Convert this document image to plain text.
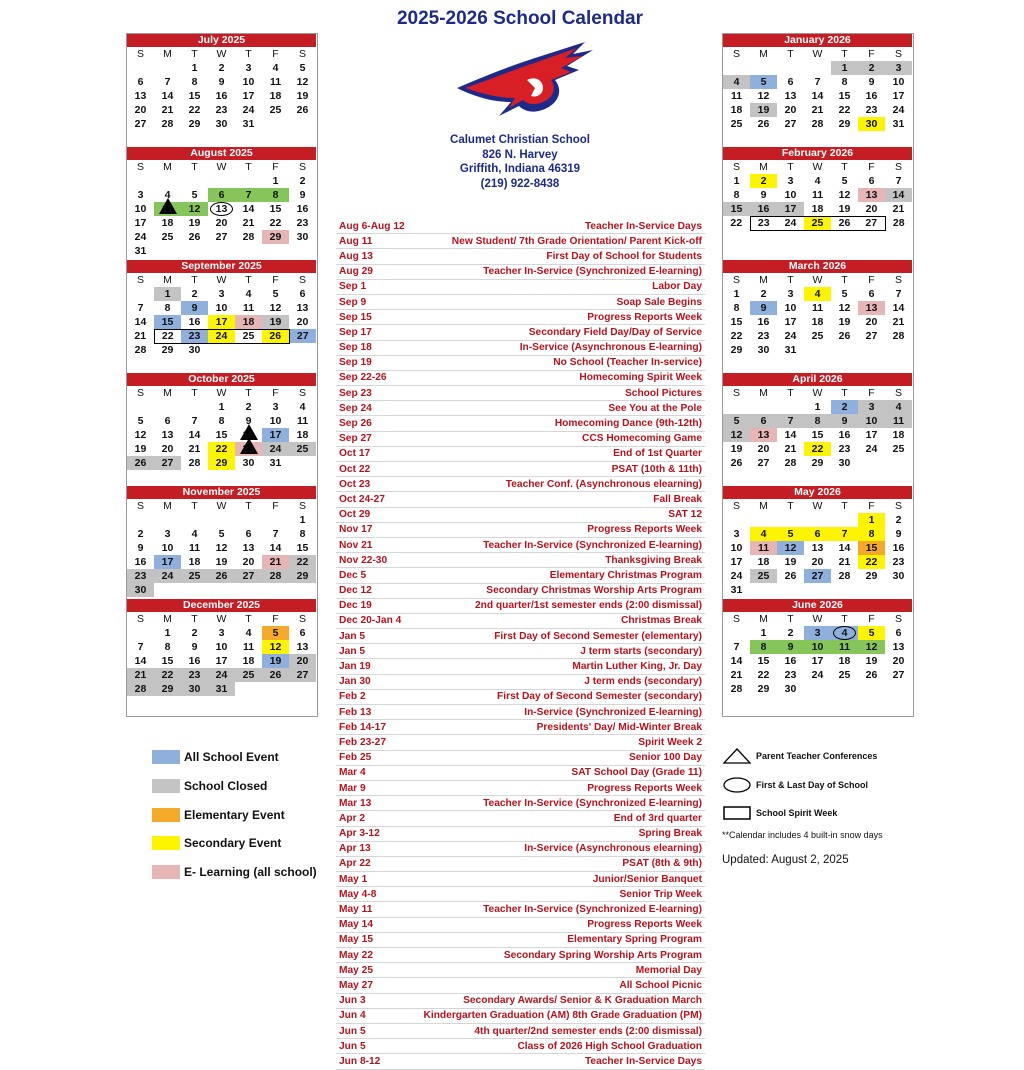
2025-2026 School Calendar
Calumet Christian School
826 N. Harvey
Griffith, Indiana 46319
(219) 922-8438
July 2025
S	M	T	W	T	F	S
		1	2	3	4	5
6	7	8	9	10	11	12
13	14	15	16	17	18	19
20	21	22	23	24	25	26
27	28	29	30	31		

August 2025
S	M	T	W	T	F	S
					1	2
3	4	5	6	7	8	9
10	11	12	13	14	15	16
17	18	19	20	21	22	23
24	25	26	27	28	29	30
31						
September 2025
S	M	T	W	T	F	S
	1	2	3	4	5	6
7	8	9	10	11	12	13
14	15	16	17	18	19	20
21	22	23	24	25	26	27
28	29	30				

October 2025
S	M	T	W	T	F	S
			1	2	3	4
5	6	7	8	9	10	11
12	13	14	15	16	17	18
19	20	21	22	23	24	25
26	27	28	29	30	31	

November 2025
S	M	T	W	T	F	S
						1
2	3	4	5	6	7	8
9	10	11	12	13	14	15
16	17	18	19	20	21	22
23	24	25	26	27	28	29
30						
December 2025
S	M	T	W	T	F	S
	1	2	3	4	5	6
7	8	9	10	11	12	13
14	15	16	17	18	19	20
21	22	23	24	25	26	27
28	29	30	31			

January 2026
S	M	T	W	T	F	S
				1	2	3
4	5	6	7	8	9	10
11	12	13	14	15	16	17
18	19	20	21	22	23	24
25	26	27	28	29	30	31

February 2026
S	M	T	W	T	F	S
1	2	3	4	5	6	7
8	9	10	11	12	13	14
15	16	17	18	19	20	21
22	23	24	25	26	27	28

March 2026
S	M	T	W	T	F	S
1	2	3	4	5	6	7
8	9	10	11	12	13	14
15	16	17	18	19	20	21
22	23	24	25	26	27	28
29	30	31				

April 2026
S	M	T	W	T	F	S
			1	2	3	4
5	6	7	8	9	10	11
12	13	14	15	16	17	18
19	20	21	22	23	24	25
26	27	28	29	30		

May 2026
S	M	T	W	T	F	S
					1	2
3	4	5	6	7	8	9
10	11	12	13	14	15	16
17	18	19	20	21	22	23
24	25	26	27	28	29	30
31						
June 2026
S	M	T	W	T	F	S
	1	2	3	4	5	6
7	8	9	10	11	12	13
14	15	16	17	18	19	20
21	22	23	24	25	26	27
28	29	30				

Aug 6-Aug 12	Teacher In-Service Days
Aug 11	New Student/ 7th Grade Orientation/ Parent Kick-off
Aug 13	First Day of School for Students
Aug 29	Teacher In-Service (Synchronized E-learning)
Sep 1	Labor Day
Sep 9	Soap Sale Begins
Sep 15	Progress Reports Week
Sep 17	Secondary Field Day/Day of Service
Sep 18	In-Service (Asynchronous E-learning)
Sep 19	No School (Teacher In-service)
Sep 22-26	Homecoming Spirit Week
Sep 23	School Pictures
Sep 24	See You at the Pole
Sep 26	Homecoming Dance (9th-12th)
Sep 27	CCS Homecoming Game
Oct 17	End of 1st Quarter
Oct 22	PSAT (10th & 11th)
Oct 23	Teacher Conf. (Asynchronous elearning)
Oct 24-27	Fall Break
Oct 29	SAT 12
Nov 17	Progress Reports Week
Nov 21	Teacher In-Service (Synchronized E-learning)
Nov 22-30	Thanksgiving Break
Dec 5	Elementary Christmas Program
Dec 12	Secondary Christmas Worship Arts Program
Dec 19	2nd quarter/1st semester ends (2:00 dismissal)
Dec 20-Jan 4	Christmas Break
Jan 5	First Day of Second Semester (elementary)
Jan 5	J term starts (secondary)
Jan 19	Martin Luther King, Jr. Day
Jan 30	J term ends (secondary)
Feb 2	First Day of Second Semester (secondary)
Feb 13	In-Service (Synchronized E-learning)
Feb 14-17	Presidents' Day/ Mid-Winter Break
Feb 23-27	Spirit Week 2
Feb 25	Senior 100 Day
Mar 4	SAT School Day (Grade 11)
Mar 9	Progress Reports Week
Mar 13	Teacher In-Service (Synchronized E-learning)
Apr 2	End of 3rd quarter
Apr 3-12	Spring Break
Apr 13	In-Service (Asynchronous elearning)
Apr 22	PSAT (8th & 9th)
May 1	Junior/Senior Banquet
May 4-8	Senior Trip Week
May 11	Teacher In-Service (Synchronized E-learning)
May 14	Progress Reports Week
May 15	Elementary Spring Program
May 22	Secondary Spring Worship Arts Program
May 25	Memorial Day
May 27	All School Picnic
Jun 3	Secondary Awards/ Senior & K Graduation March
Jun 4	Kindergarten Graduation (AM) 8th Grade Graduation (PM)
Jun 5	4th quarter/2nd semester ends (2:00 dismissal)
Jun 5	Class of 2026 High School Graduation
Jun 8-12	Teacher In-Service Days
All School Event
School Closed
Elementary Event
Secondary Event
E- Learning (all school)
Parent Teacher Conferences
First & Last Day of School
School Spirit Week
**Calendar includes 4 built-in snow days
Updated: August 2, 2025
